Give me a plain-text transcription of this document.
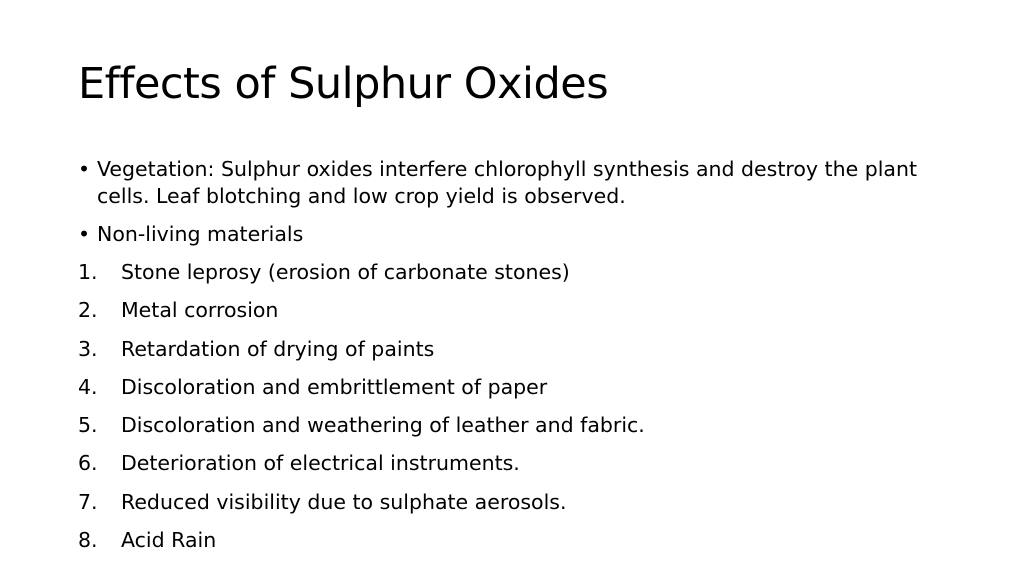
Effects of Sulphur Oxides
• Vegetation: Sulphur oxides interfere chlorophyll synthesis and destroy the plant cells. Leaf blotching and low crop yield is observed.
• Non-living materials
1.	Stone leprosy (erosion of carbonate stones)
2.	Metal corrosion
3.	Retardation of drying of paints
4.	Discoloration and embrittlement of paper
5.	Discoloration and weathering of leather and fabric.
6.	Deterioration of electrical instruments.
7.	Reduced visibility due to sulphate aerosols.
8.	Acid Rain
